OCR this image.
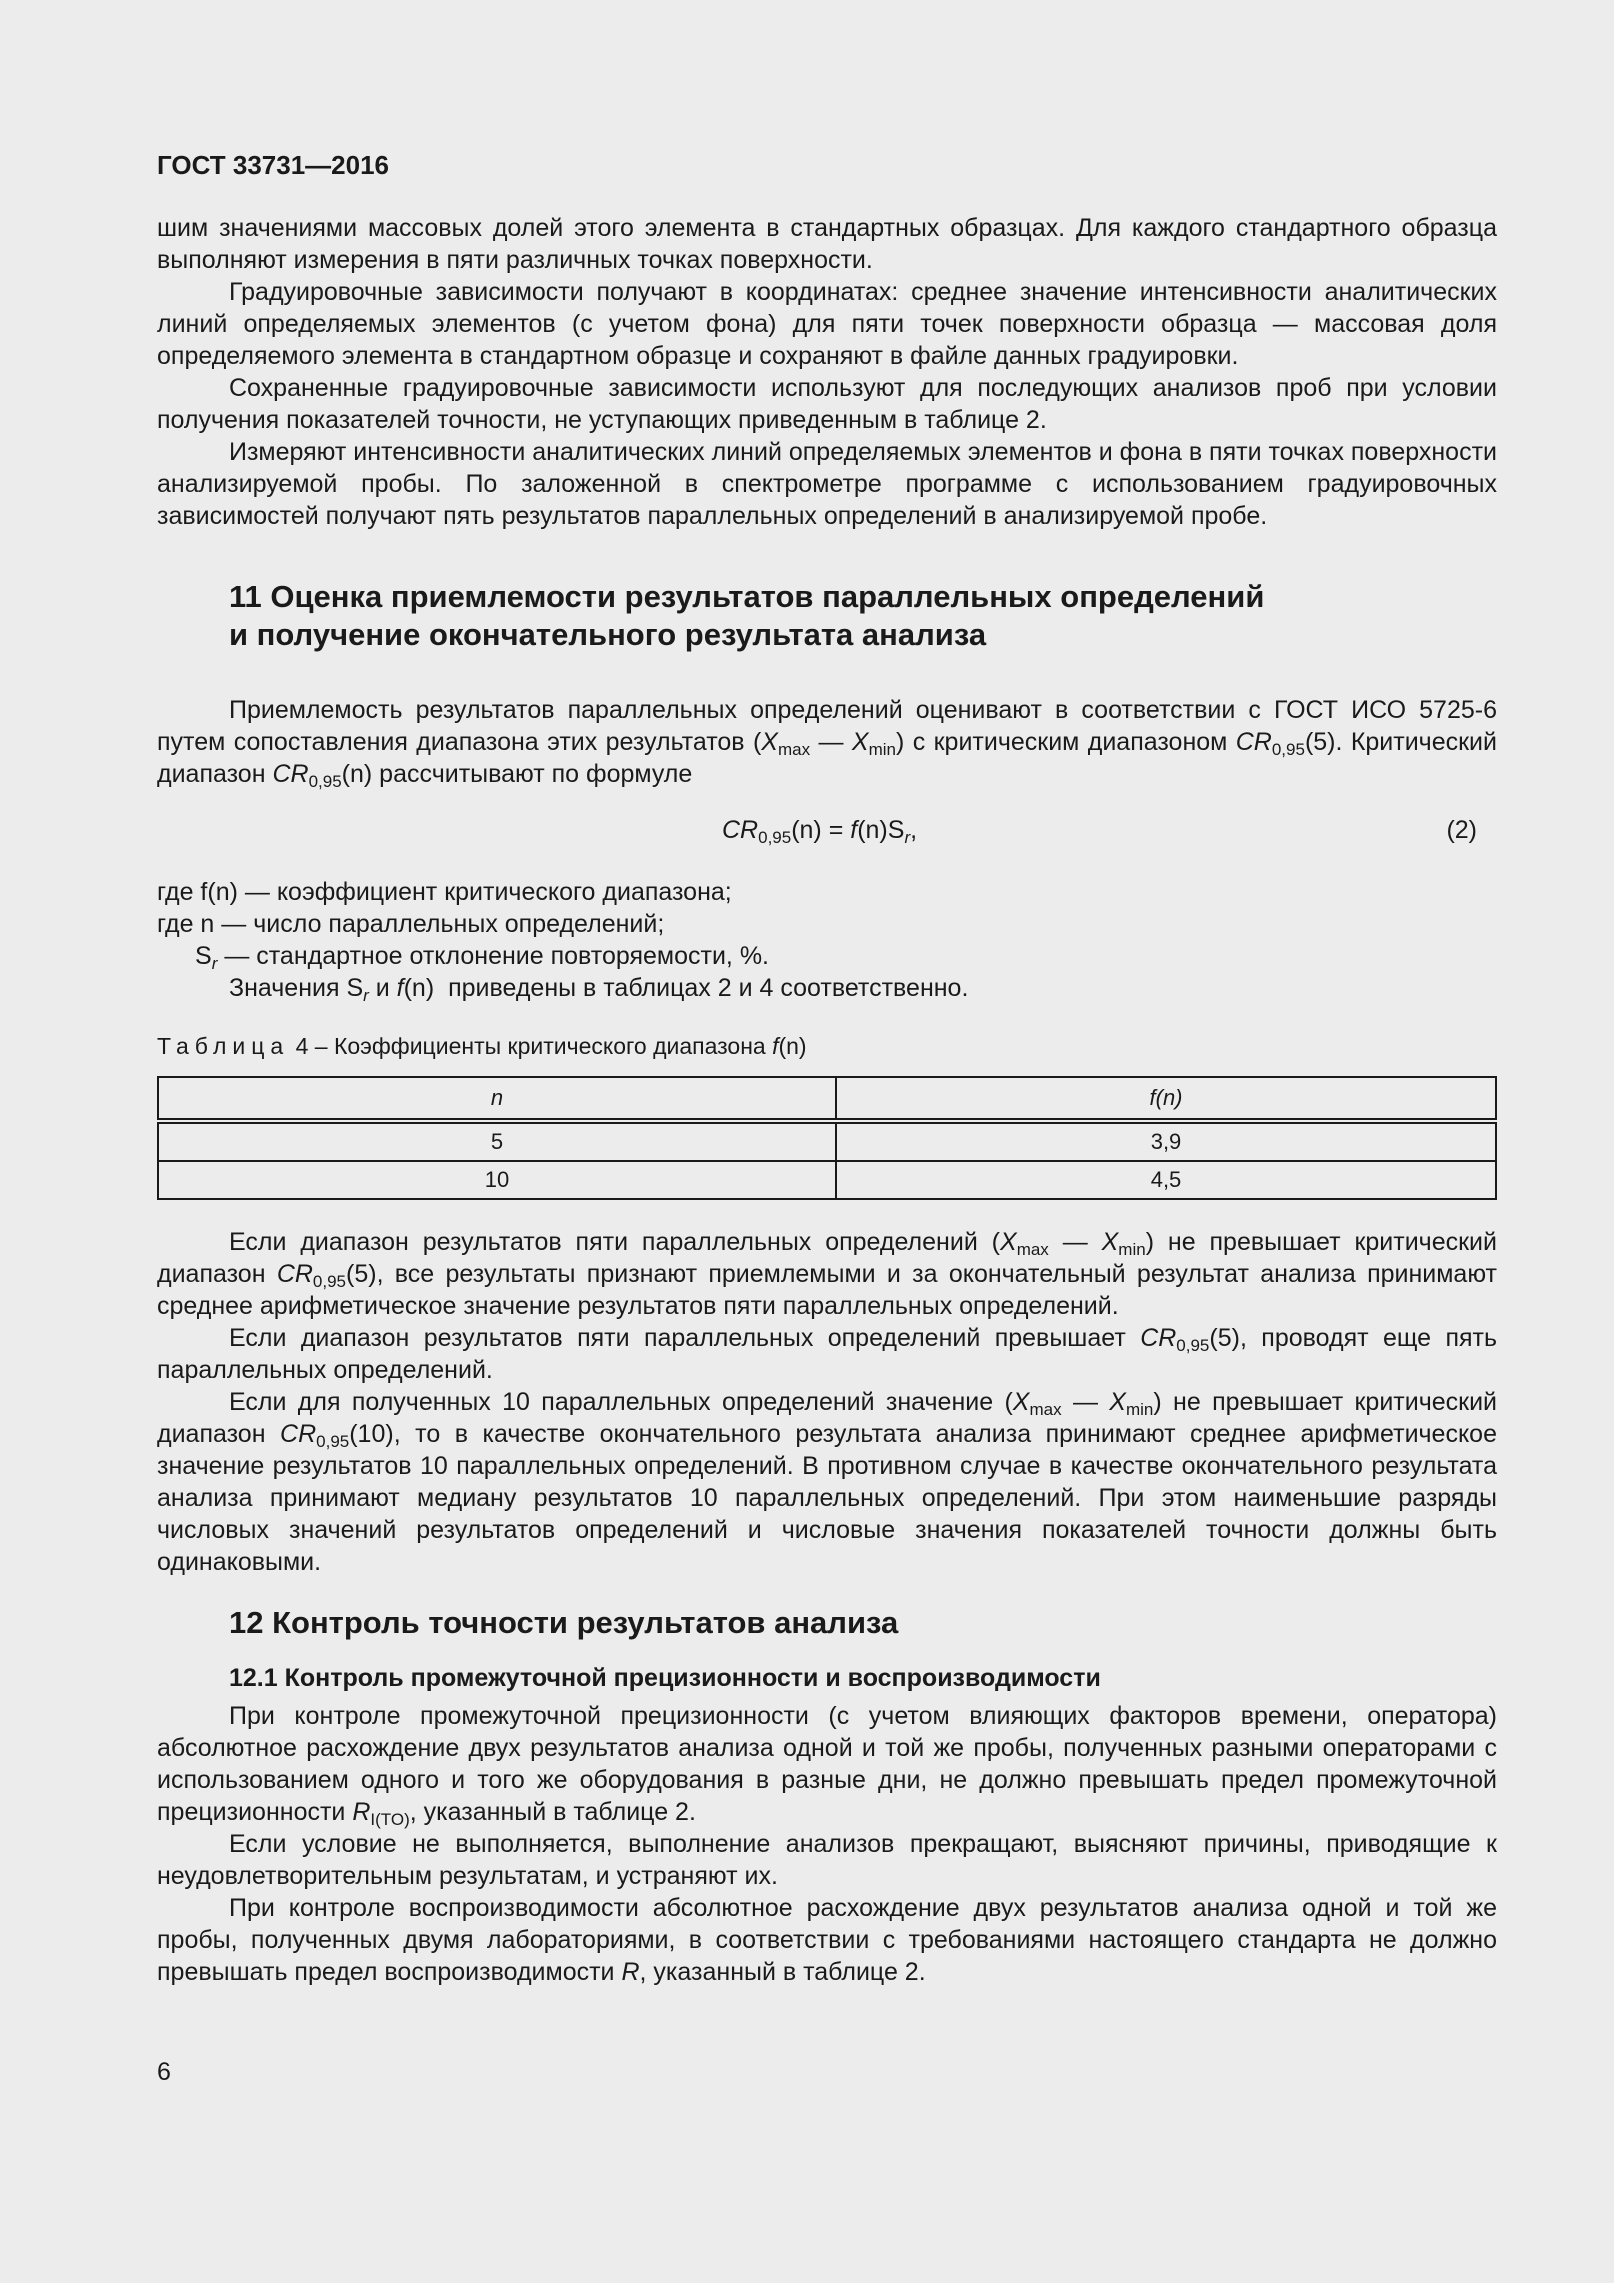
ГОСТ 33731—2016

шим значениями массовых долей этого элемента в стандартных образцах. Для каждого стандартного образца выполняют измерения в пяти различных точках поверхности.

Градуировочные зависимости получают в координатах: среднее значение интенсивности аналитических линий определяемых элементов (с учетом фона) для пяти точек поверхности образца — массовая доля определяемого элемента в стандартном образце и сохраняют в файле данных градуировки.

Сохраненные градуировочные зависимости используют для последующих анализов проб при условии получения показателей точности, не уступающих приведенным в таблице 2.

Измеряют интенсивности аналитических линий определяемых элементов и фона в пяти точках поверхности анализируемой пробы. По заложенной в спектрометре программе с использованием градуировочных зависимостей получают пять результатов параллельных определений в анализируемой пробе.

11 Оценка приемлемости результатов параллельных определений
и получение окончательного результата анализа

Приемлемость результатов параллельных определений оценивают в соответствии с ГОСТ ИСО 5725-6 путем сопоставления диапазона этих результатов ($X_{max}$ — $X_{min}$) с критическим диапазоном $CR_{0,95}(5)$. Критический диапазон $CR_{0,95}(n)$ рассчитывают по формуле

$CR_{0,95}(n) = f(n)S_r$,	(2)

где f(n) — коэффициент критического диапазона;

где n — число параллельных определений;

$S_r$ — стандартное отклонение повторяемости, %.

Значения $S_r$ и f(n)  приведены в таблицах 2 и 4 соответственно.

Таблица 4 – Коэффициенты критического диапазона f(n)

n	f(n)
5	3,9
10	4,5

Если диапазон результатов пяти параллельных определений ($X_{max}$ — $X_{min}$) не превышает критический диапазон $CR_{0,95}(5)$, все результаты признают приемлемыми и за окончательный результат анализа принимают среднее арифметическое значение результатов пяти параллельных определений.

Если диапазон результатов пяти параллельных определений превышает $CR_{0,95}(5)$, проводят еще пять параллельных определений.

Если для полученных 10 параллельных определений значение ($X_{max}$ — $X_{min}$) не превышает критический диапазон $CR_{0,95}(10)$, то в качестве окончательного результата анализа принимают среднее арифметическое значение результатов 10 параллельных определений. В противном случае в качестве окончательного результата анализа принимают медиану результатов 10 параллельных определений. При этом наименьшие разряды числовых значений результатов определений и числовые значения показателей точности должны быть одинаковыми.

12 Контроль точности результатов анализа
12.1 Контроль промежуточной прецизионности и воспроизводимости

При контроле промежуточной прецизионности (с учетом влияющих факторов времени, оператора) абсолютное расхождение двух результатов анализа одной и той же пробы, полученных разными операторами с использованием одного и того же оборудования в разные дни, не должно превышать предел промежуточной прецизионности $R_{I(TO)}$, указанный в таблице 2.

Если условие не выполняется, выполнение анализов прекращают, выясняют причины, приводящие к неудовлетворительным результатам, и устраняют их.

При контроле воспроизводимости абсолютное расхождение двух результатов анализа одной и той же пробы, полученных двумя лабораториями, в соответствии с требованиями настоящего стандарта не должно превышать предел воспроизводимости R, указанный в таблице 2.

6
